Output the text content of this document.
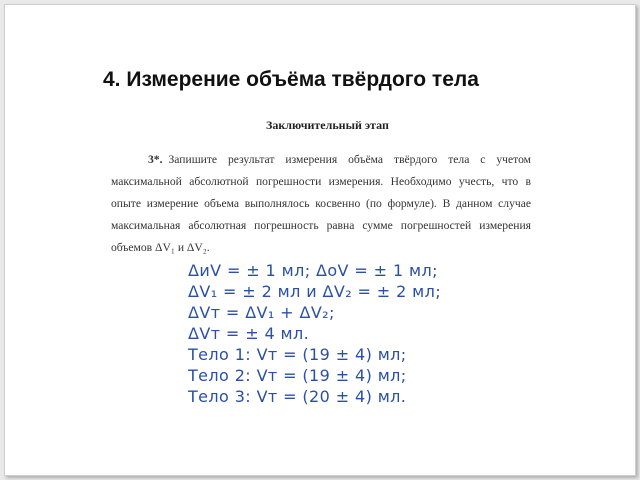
4. Измерение объёма твёрдого тела
Заключительный этап

3*. Запишите результат измерения объёма твёрдого тела с учетом максимальной абсолютной погрешности измерения. Необходимо учесть, что в опыте измерение объема выполнялось косвенно (по формуле). В данном случае максимальная абсолютная погрешность равна сумме погрешностей измерения объемов ΔV₁ и ΔV₂.

ΔиV = ± 1 мл; ΔoV = ± 1 мл;
ΔV₁ = ± 2 мл и ΔV₂ = ± 2 мл;
ΔVт = ΔV₁ + ΔV₂;
ΔVт = ± 4 мл.
Тело 1: Vт = (19 ± 4) мл;
Тело 2: Vт = (19 ± 4) мл;
Тело 3: Vт = (20 ± 4) мл.
